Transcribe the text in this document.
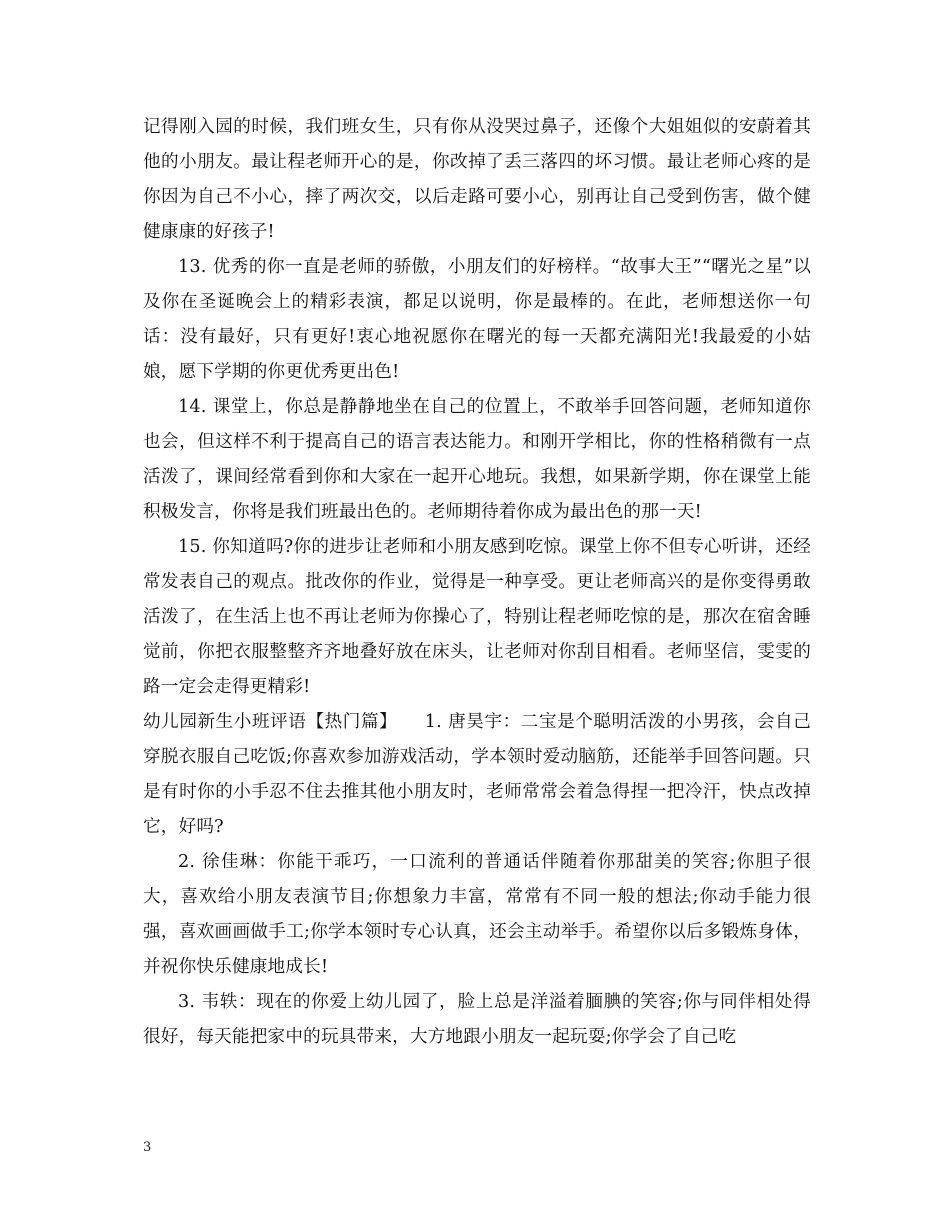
记得刚入园的时候，我们班女生，只有你从没哭过鼻子，还像个大姐姐似的安蔚着其他的小朋友。最让程老师开心的是，你改掉了丢三落四的坏习惯。最让老师心疼的是你因为自己不小心，摔了两次交，以后走路可要小心，别再让自己受到伤害，做个健健康康的好孩子!

13. 优秀的你一直是老师的骄傲，小朋友们的好榜样。“故事大王”“曙光之星”以及你在圣诞晚会上的精彩表演，都足以说明，你是最棒的。在此，老师想送你一句话：没有最好，只有更好!衷心地祝愿你在曙光的每一天都充满阳光!我最爱的小姑娘，愿下学期的你更优秀更出色!

14. 课堂上，你总是静静地坐在自己的位置上，不敢举手回答问题，老师知道你也会，但这样不利于提高自己的语言表达能力。和刚开学相比，你的性格稍微有一点活泼了，课间经常看到你和大家在一起开心地玩。我想，如果新学期，你在课堂上能积极发言，你将是我们班最出色的。老师期待着你成为最出色的那一天!

15. 你知道吗?你的进步让老师和小朋友感到吃惊。课堂上你不但专心听讲，还经常发表自己的观点。批改你的作业，觉得是一种享受。更让老师高兴的是你变得勇敢活泼了，在生活上也不再让老师为你操心了，特别让程老师吃惊的是，那次在宿舍睡觉前，你把衣服整整齐齐地叠好放在床头，让老师对你刮目相看。老师坚信，雯雯的路一定会走得更精彩!

幼儿园新生小班评语【热门篇】　　1. 唐昊宇：二宝是个聪明活泼的小男孩，会自己穿脱衣服自己吃饭;你喜欢参加游戏活动，学本领时爱动脑筋，还能举手回答问题。只是有时你的小手忍不住去推其他小朋友时，老师常常会着急得捏一把冷汗，快点改掉它，好吗?

2. 徐佳琳：你能干乖巧，一口流利的普通话伴随着你那甜美的笑容;你胆子很大，喜欢给小朋友表演节目;你想象力丰富，常常有不同一般的想法;你动手能力很强，喜欢画画做手工;你学本领时专心认真，还会主动举手。希望你以后多锻炼身体，并祝你快乐健康地成长!

3. 韦轶：现在的你爱上幼儿园了，脸上总是洋溢着腼腆的笑容;你与同伴相处得很好，每天能把家中的玩具带来，大方地跟小朋友一起玩耍;你学会了自己吃

3
